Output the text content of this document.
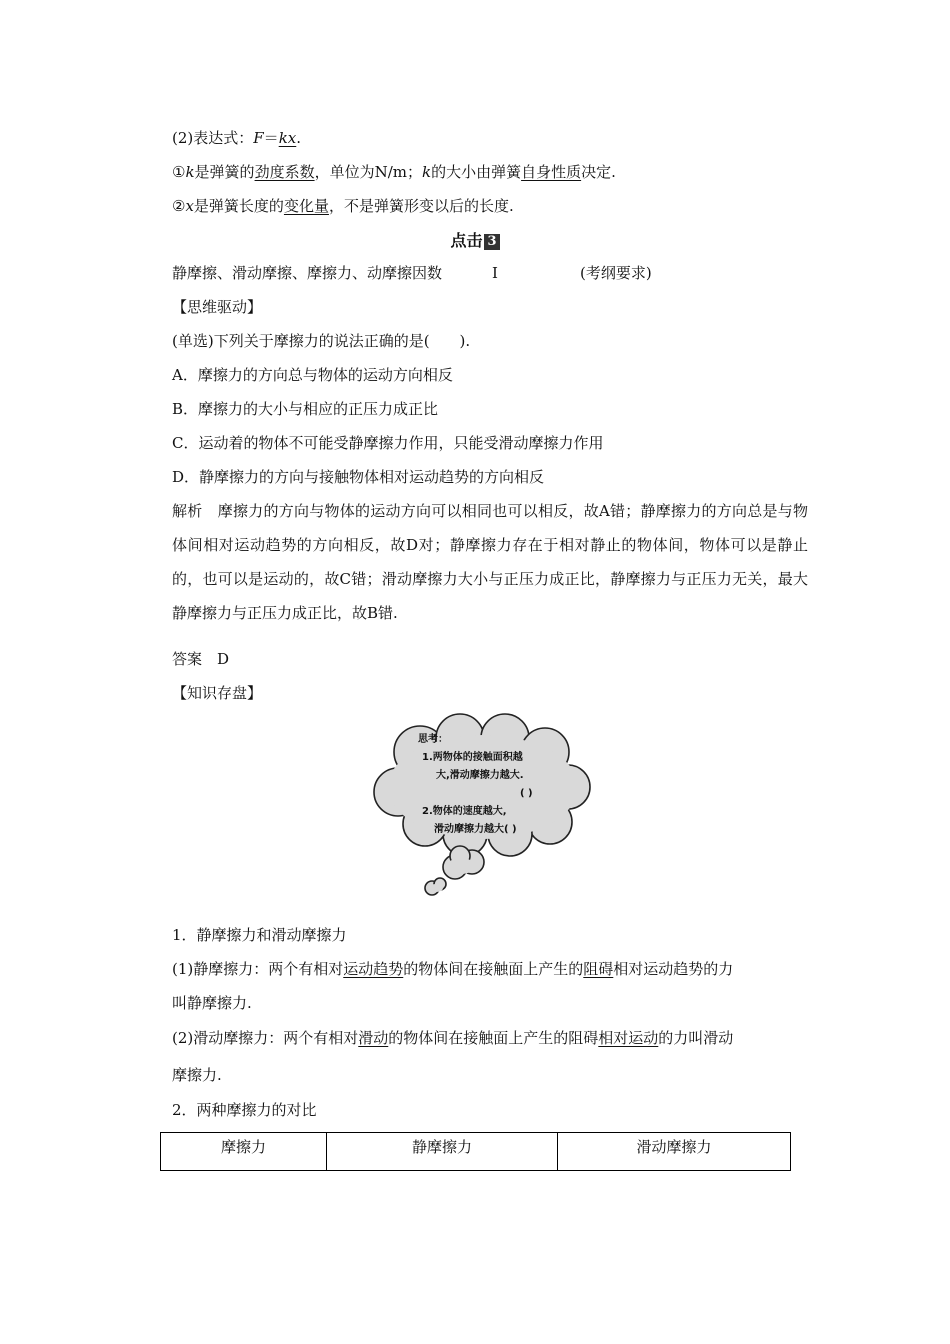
(2)表达式：F＝kx.
①k是弹簧的劲度系数，单位为N/m；k的大小由弹簧自身性质决定.
②x是弹簧长度的变化量，不是弹簧形变以后的长度.
点击 3
静摩擦、滑动摩擦、摩擦力、动摩擦因数	Ⅰ	(考纲要求)
【思维驱动】
(单选)下列关于摩擦力的说法正确的是(　　).
A．摩擦力的方向总与物体的运动方向相反
B．摩擦力的大小与相应的正压力成正比
C．运动着的物体不可能受静摩擦力作用，只能受滑动摩擦力作用
D．静摩擦力的方向与接触物体相对运动趋势的方向相反
解析　摩擦力的方向与物体的运动方向可以相同也可以相反，故A错；静摩擦力的方向总是与物体间相对运动趋势的方向相反，故D对；静摩擦力存在于相对静止的物体间，物体可以是静止的，也可以是运动的，故C错；滑动摩擦力大小与正压力成正比，静摩擦力与正压力无关，最大静摩擦力与正压力成正比，故B错.
答案　D
【知识存盘】
思考：
1.两物体的接触面积越
大,滑动摩擦力越大.
( )
2.物体的速度越大,
滑动摩擦力越大( )
1．静摩擦力和滑动摩擦力
(1)静摩擦力：两个有相对运动趋势的物体间在接触面上产生的阻碍相对运动趋势的力
叫静摩擦力.
(2)滑动摩擦力：两个有相对滑动的物体间在接触面上产生的阻碍相对运动的力叫滑动
摩擦力.
2．两种摩擦力的对比
摩擦力	静摩擦力	滑动摩擦力
